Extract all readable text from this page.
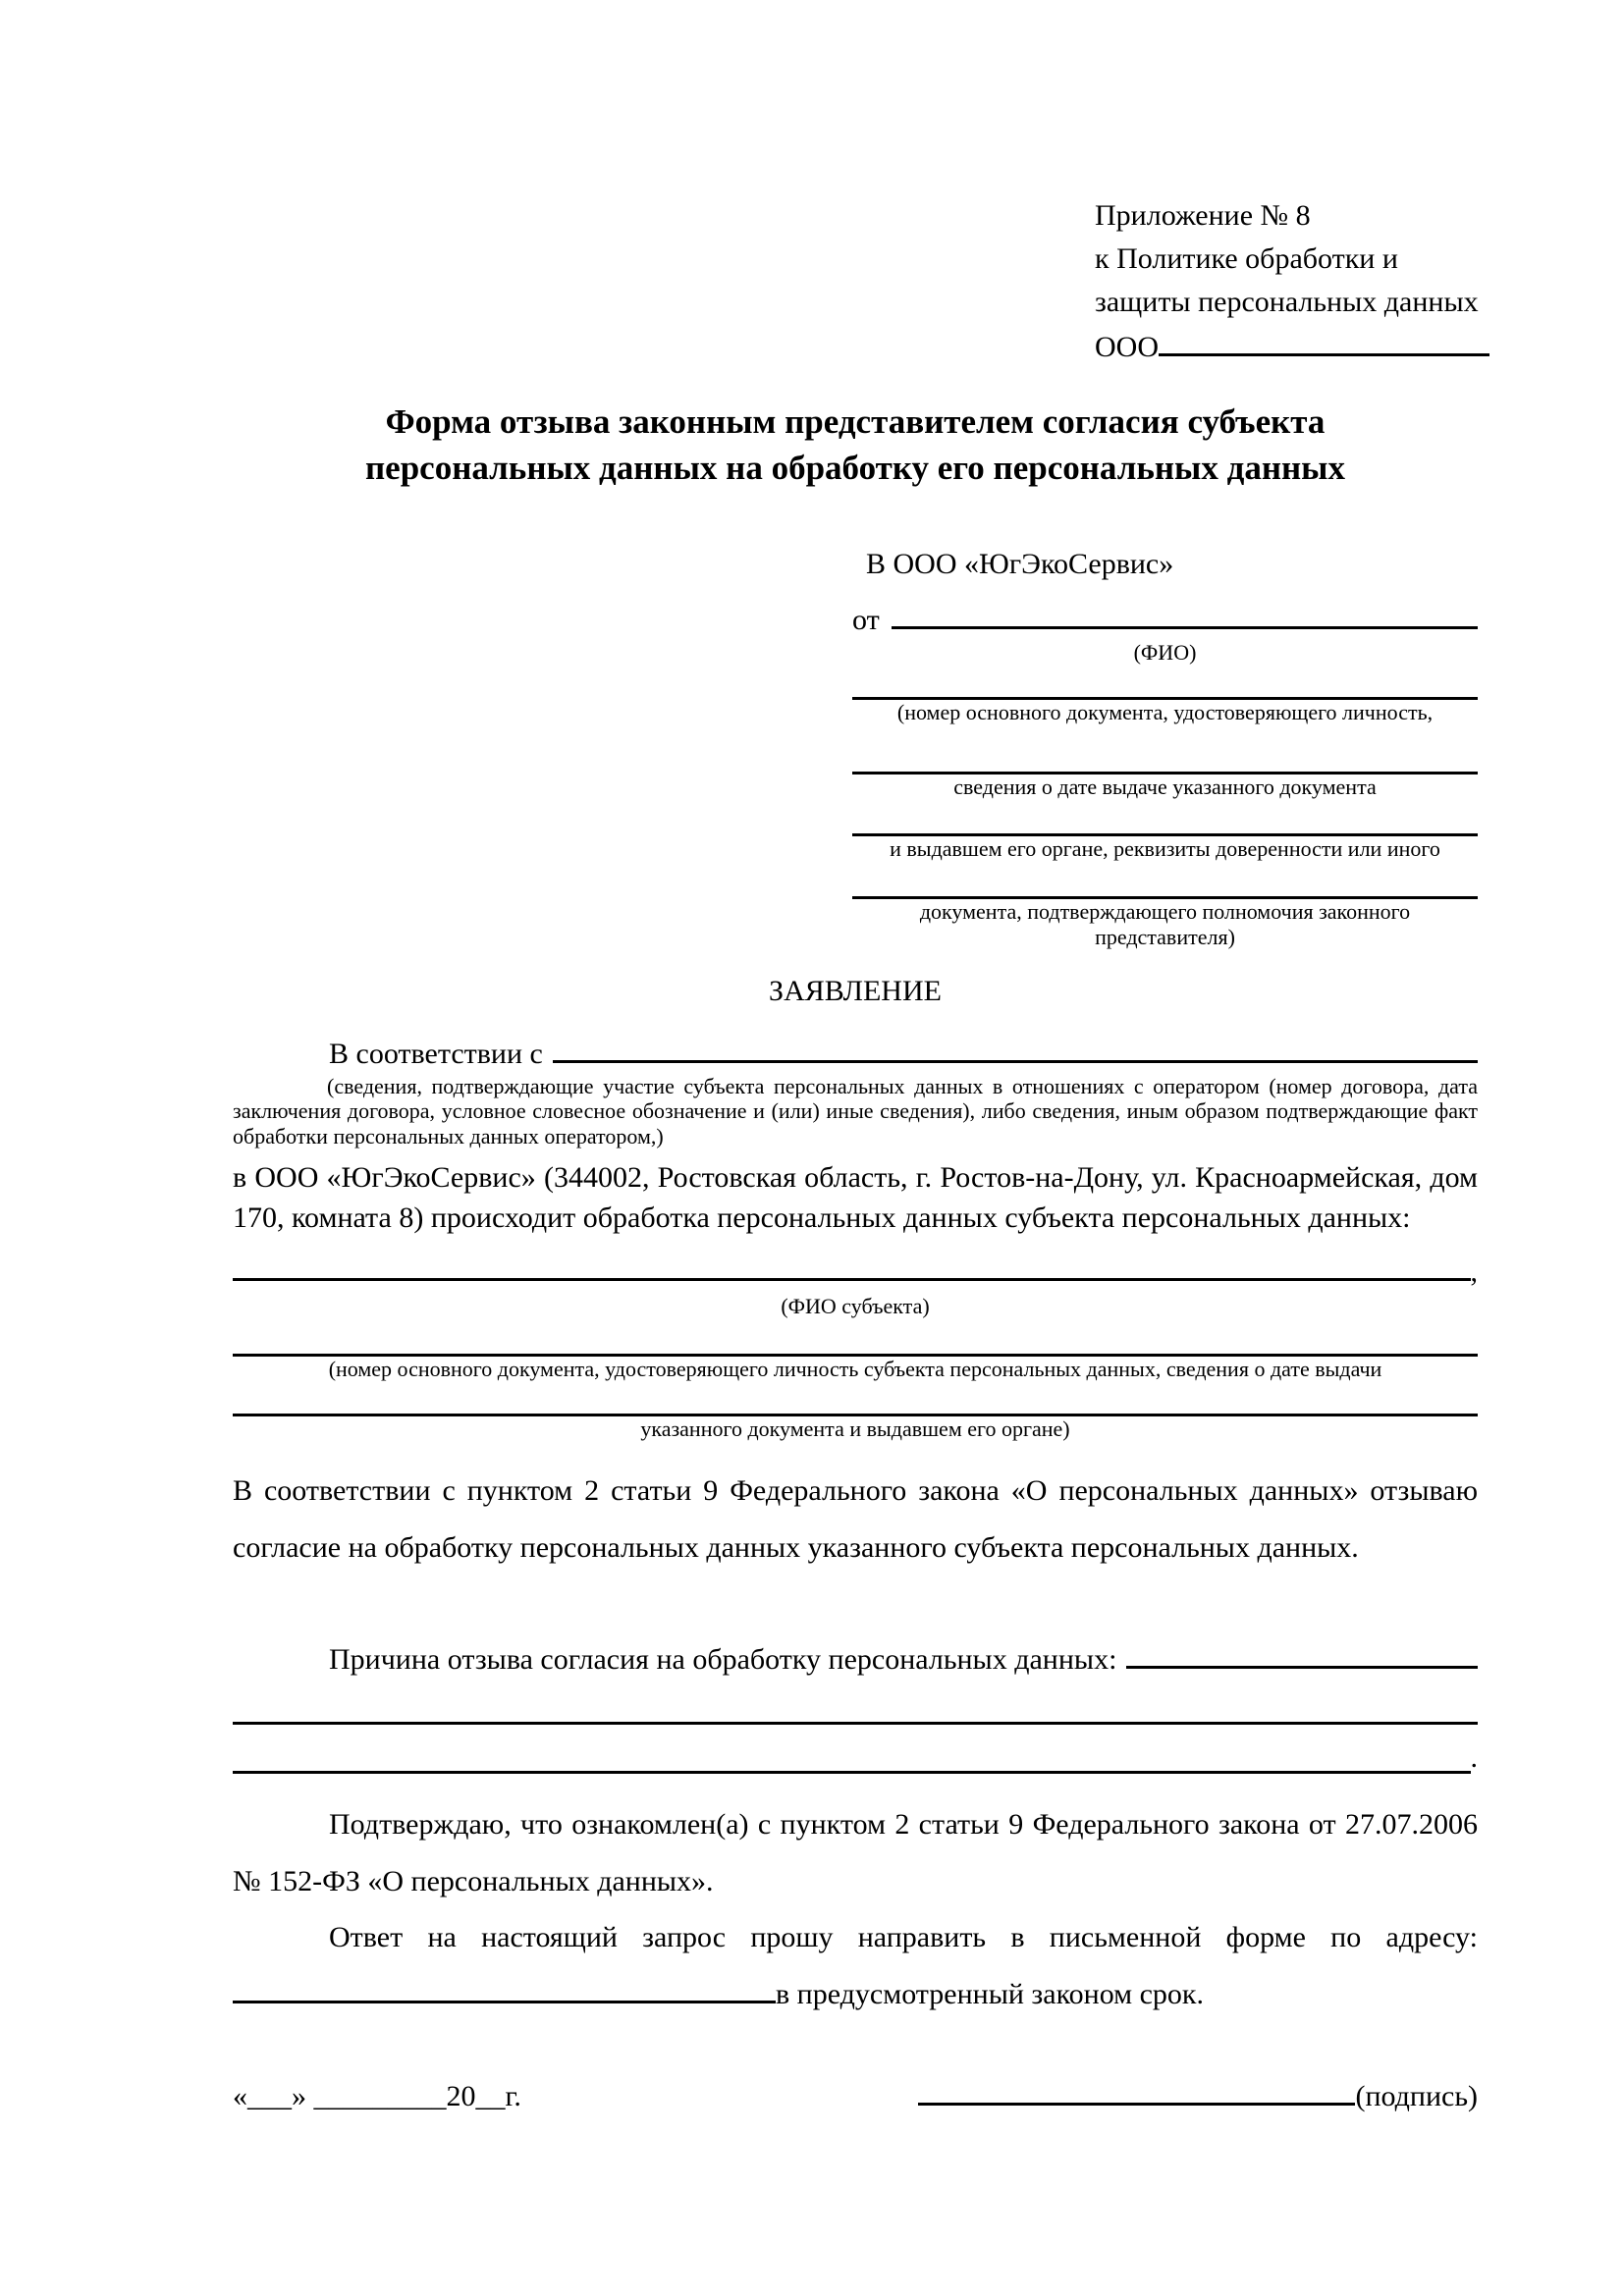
Приложение № 8
к Политике обработки и
защиты персональных данных
ООО
Форма отзыва законным представителем согласия субъекта
персональных данных на обработку его персональных данных
В ООО «ЮгЭкоСервис»
от
(ФИО)
(номер основного документа, удостоверяющего личность,
сведения о дате выдаче указанного документа
и выдавшем его органе, реквизиты доверенности или иного
документа, подтверждающего полномочия законного представителя)
ЗАЯВЛЕНИЕ
В соответствии с
(сведения, подтверждающие участие субъекта персональных данных в отношениях с оператором (номер договора, дата заключения договора, условное словесное обозначение и (или) иные сведения), либо сведения, иным образом подтверждающие факт обработки персональных данных оператором,)
в ООО «ЮгЭкоСервис» (344002, Ростовская область, г. Ростов-на-Дону, ул. Красноармейская, дом 170, комната 8) происходит обработка персональных данных субъекта персональных данных:
,
(ФИО субъекта)
(номер основного документа, удостоверяющего личность субъекта персональных данных, сведения о дате выдачи
указанного документа и выдавшем его органе)
В соответствии с пунктом 2 статьи 9 Федерального закона «О персональных данных» отзываю согласие на обработку персональных данных указанного субъекта персональных данных.
Причина отзыва согласия на обработку персональных данных:
.
Подтверждаю, что ознакомлен(а) с пунктом 2 статьи 9 Федерального закона от 27.07.2006 № 152-ФЗ «О персональных данных».
Ответ на настоящий запрос прошу направить в письменной форме по адресу:
в предусмотренный законом срок.
«___» _________20__г.	(подпись)
